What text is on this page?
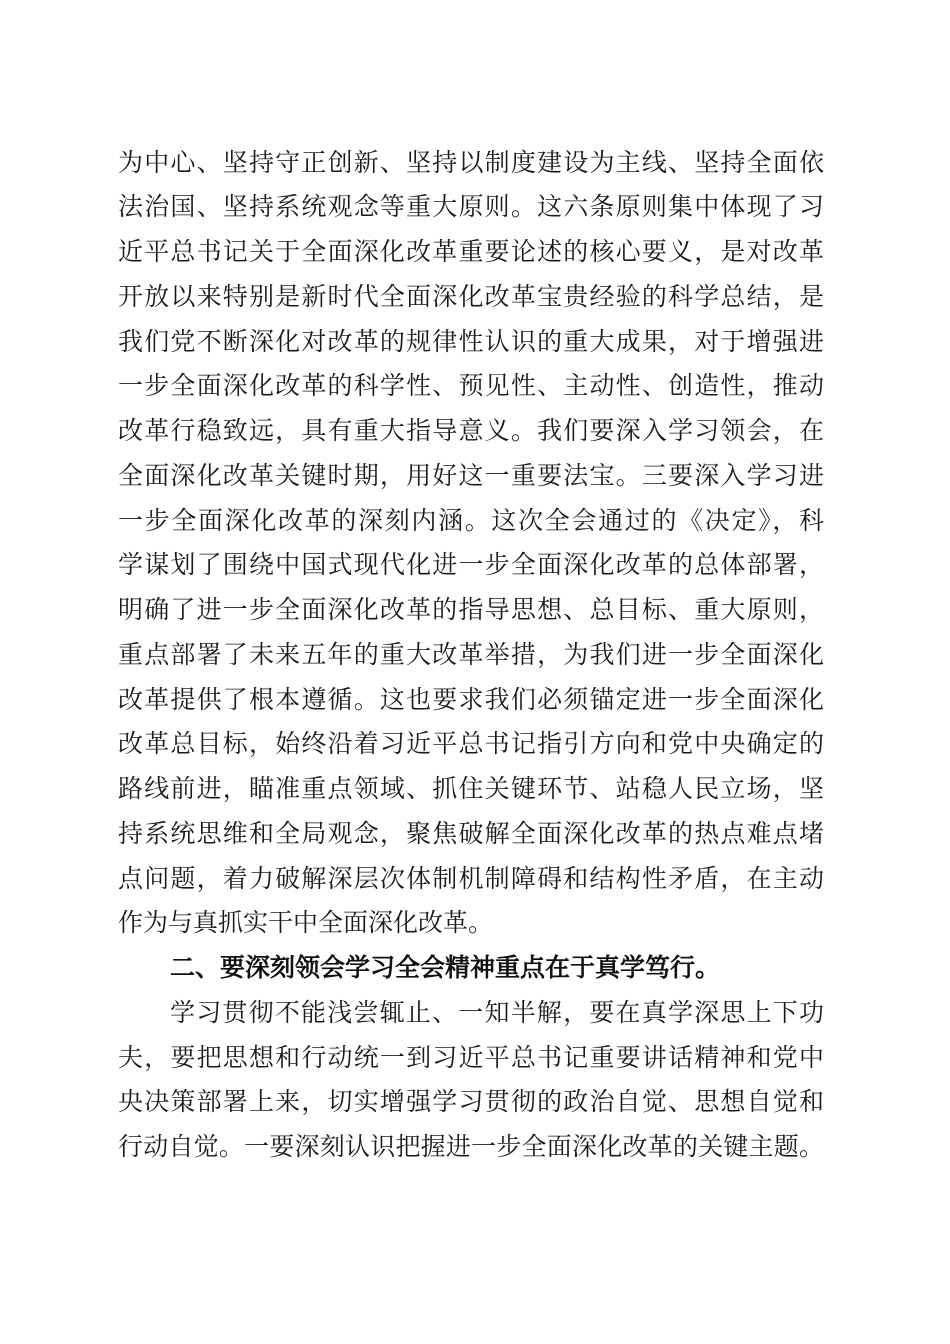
为中心、坚持守正创新、坚持以制度建设为主线、坚持全面依
法治国、坚持系统观念等重大原则。这六条原则集中体现了习
近平总书记关于全面深化改革重要论述的核心要义，是对改革
开放以来特别是新时代全面深化改革宝贵经验的科学总结，是
我们党不断深化对改革的规律性认识的重大成果，对于增强进
一步全面深化改革的科学性、预见性、主动性、创造性，推动
改革行稳致远，具有重大指导意义。我们要深入学习领会，在
全面深化改革关键时期，用好这一重要法宝。三要深入学习进
一步全面深化改革的深刻内涵。这次全会通过的《决定》，科
学谋划了围绕中国式现代化进一步全面深化改革的总体部署，
明确了进一步全面深化改革的指导思想、总目标、重大原则，
重点部署了未来五年的重大改革举措，为我们进一步全面深化
改革提供了根本遵循。这也要求我们必须锚定进一步全面深化
改革总目标，始终沿着习近平总书记指引方向和党中央确定的
路线前进，瞄准重点领域、抓住关键环节、站稳人民立场，坚
持系统思维和全局观念，聚焦破解全面深化改革的热点难点堵
点问题，着力破解深层次体制机制障碍和结构性矛盾，在主动
作为与真抓实干中全面深化改革。
二、要深刻领会学习全会精神重点在于真学笃行。
学习贯彻不能浅尝辄止、一知半解，要在真学深思上下功
夫，要把思想和行动统一到习近平总书记重要讲话精神和党中
央决策部署上来，切实增强学习贯彻的政治自觉、思想自觉和
行动自觉。一要深刻认识把握进一步全面深化改革的关键主题。
